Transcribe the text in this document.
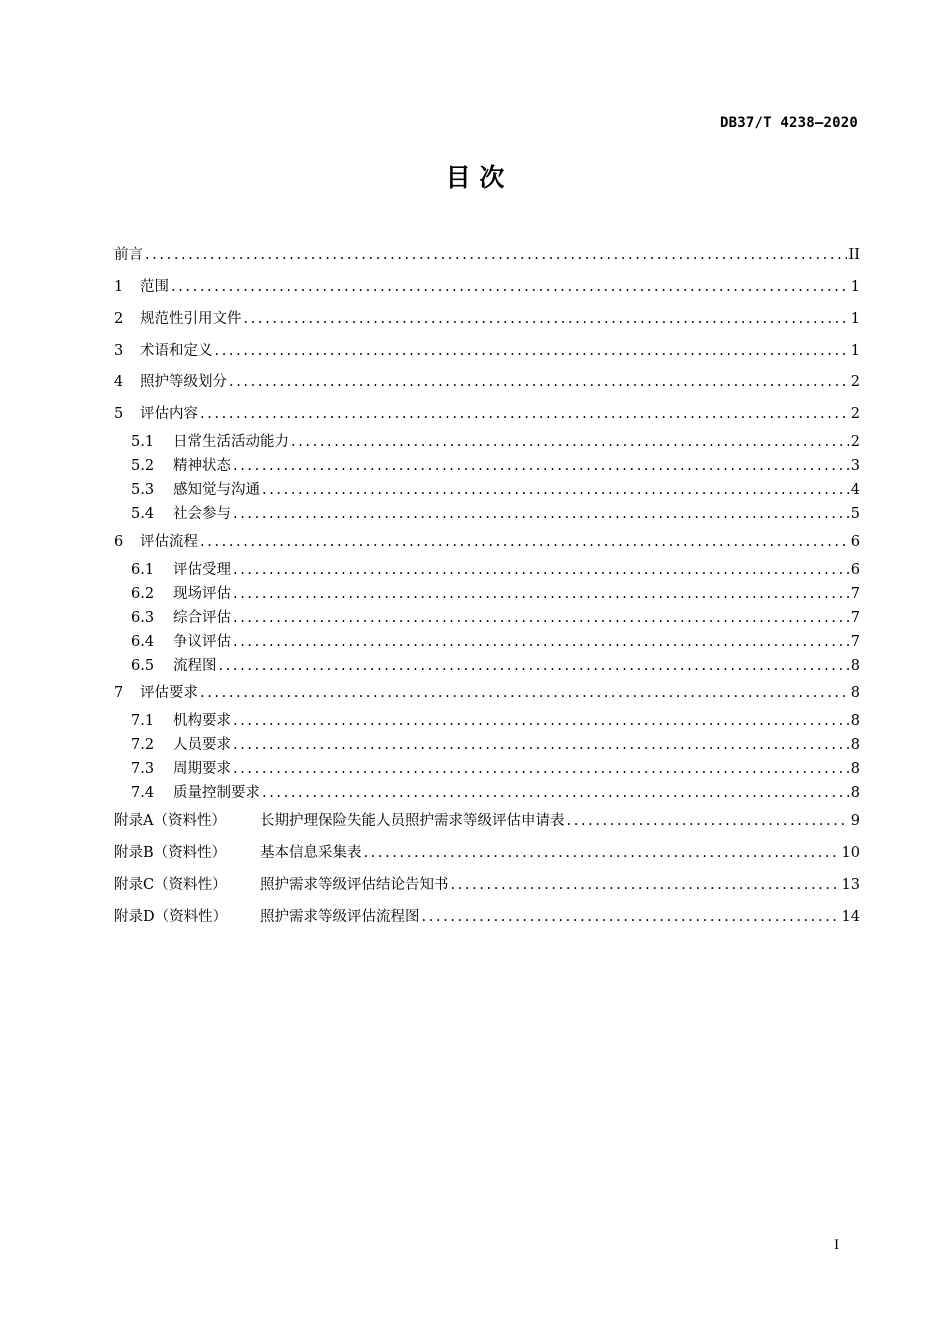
DB37/T 4238—2020
目 次
前言 .....	II
1	范围 .....	1
2	规范性引用文件 .....	1
3	术语和定义 .....	1
4	照护等级划分 .....	2
5	评估内容 .....	2
5.1	日常生活活动能力 .....	2
5.2	精神状态 .....	3
5.3	感知觉与沟通 .....	4
5.4	社会参与 .....	5
6	评估流程 .....	6
6.1	评估受理 .....	6
6.2	现场评估 .....	7
6.3	综合评估 .....	7
6.4	争议评估 .....	7
6.5	流程图 .....	8
7	评估要求 .....	8
7.1	机构要求 .....	8
7.2	人员要求 .....	8
7.3	周期要求 .....	8
7.4	质量控制要求 .....	8
附录A（资料性）	长期护理保险失能人员照护需求等级评估申请表 .....	9
附录B（资料性）	基本信息采集表 .....	10
附录C（资料性）	照护需求等级评估结论告知书 .....	13
附录D（资料性）	照护需求等级评估流程图 .....	14
I
